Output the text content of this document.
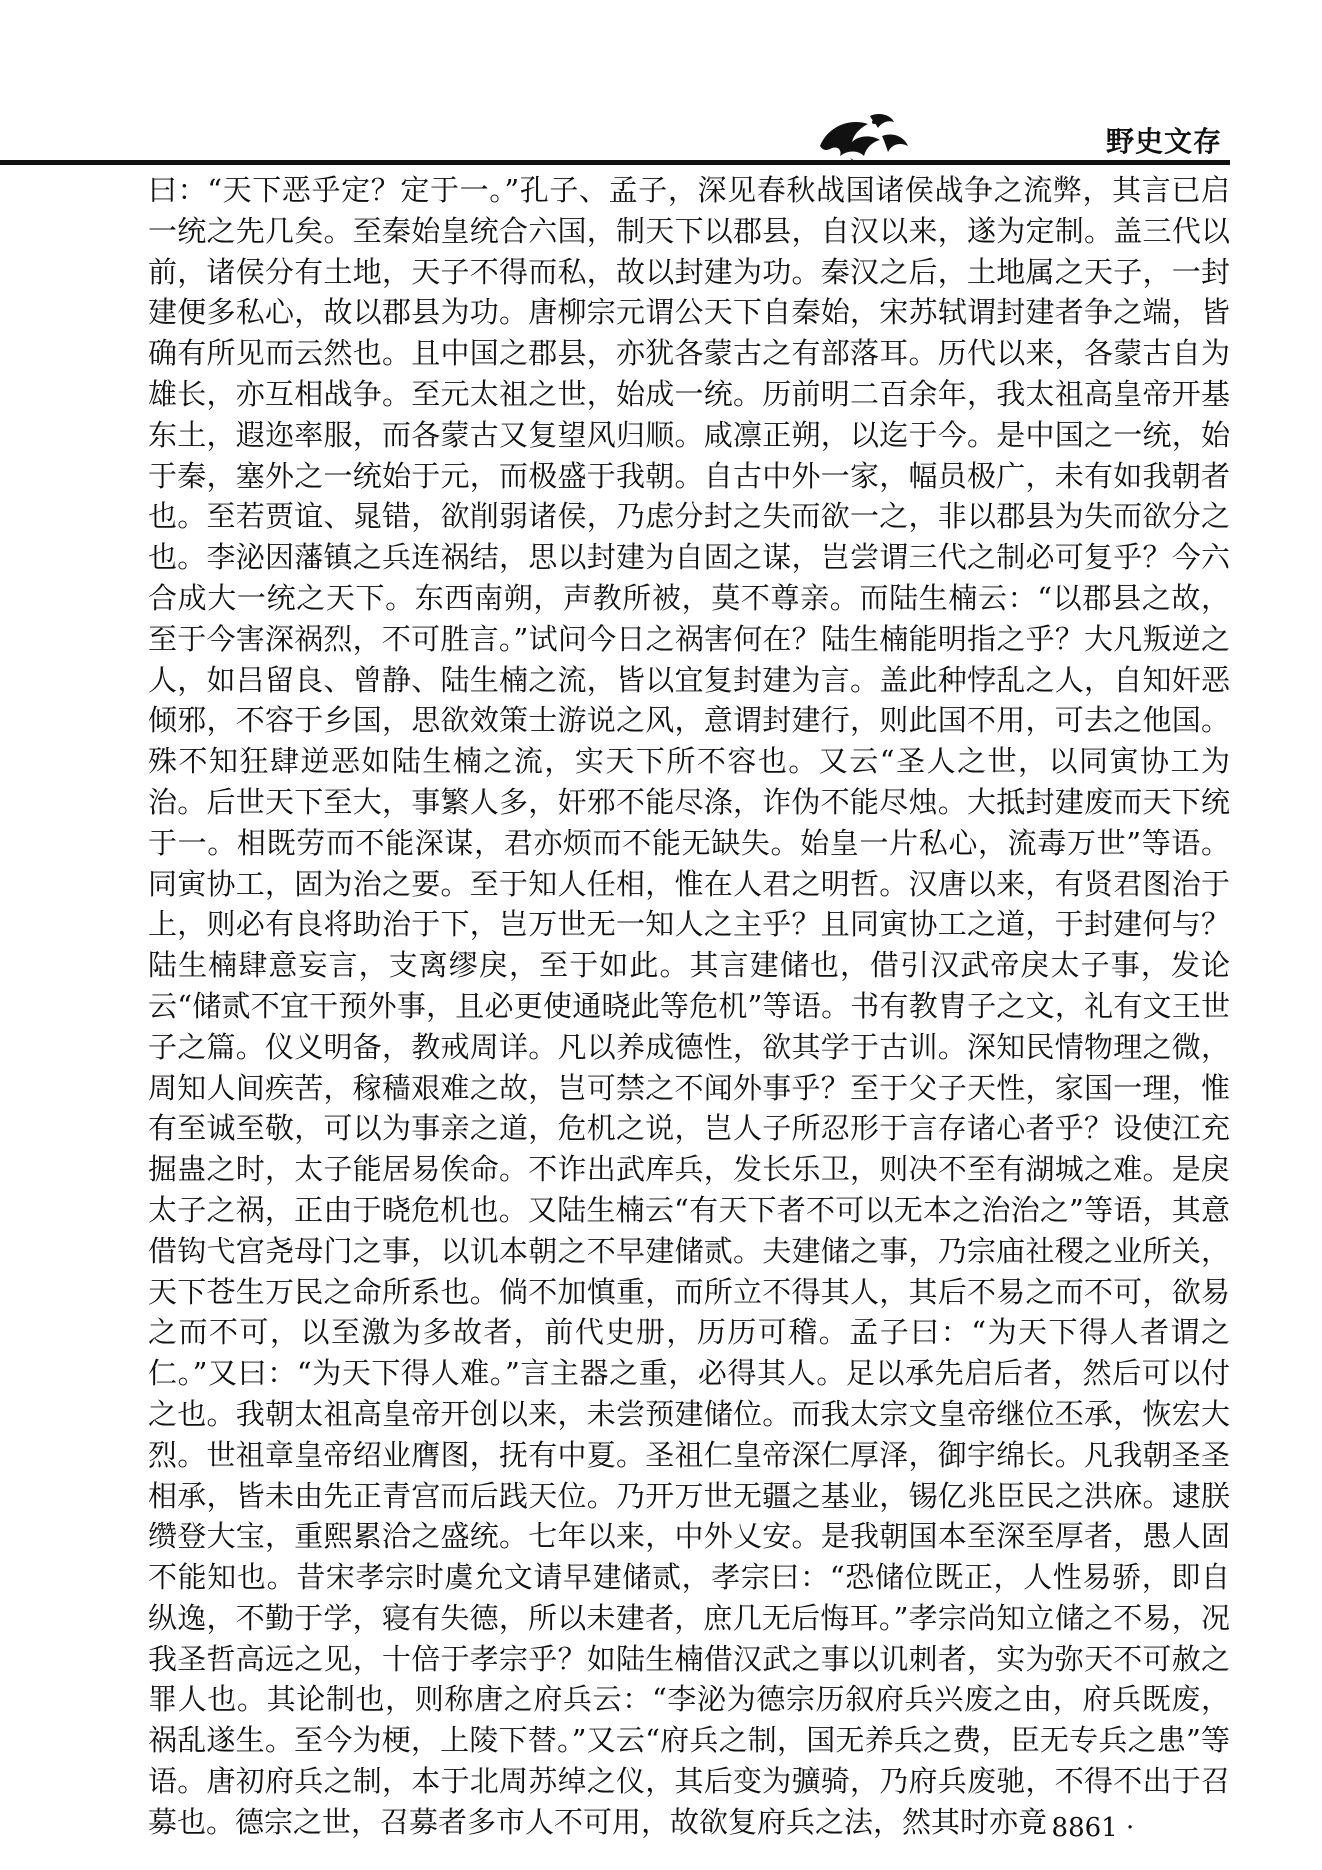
野史文存

曰：“天下恶乎定？定于一。”孔子、孟子，深见春秋战国诸侯战争之流弊，其言已启一统之先几矣。至秦始皇统合六国，制天下以郡县，自汉以来，遂为定制。盖三代以前，诸侯分有土地，天子不得而私，故以封建为功。秦汉之后，土地属之天子，一封建便多私心，故以郡县为功。唐柳宗元谓公天下自秦始，宋苏轼谓封建者争之端，皆确有所见而云然也。且中国之郡县，亦犹各蒙古之有部落耳。历代以来，各蒙古自为雄长，亦互相战争。至元太祖之世，始成一统。历前明二百余年，我太祖高皇帝开基东土，遐迩率服，而各蒙古又复望风归顺。咸凛正朔，以迄于今。是中国之一统，始于秦，塞外之一统始于元，而极盛于我朝。自古中外一家，幅员极广，未有如我朝者也。至若贾谊、晁错，欲削弱诸侯，乃虑分封之失而欲一之，非以郡县为失而欲分之也。李泌因藩镇之兵连祸结，思以封建为自固之谋，岂尝谓三代之制必可复乎？今六合成大一统之天下。东西南朔，声教所被，莫不尊亲。而陆生楠云：“以郡县之故，至于今害深祸烈，不可胜言。”试问今日之祸害何在？陆生楠能明指之乎？大凡叛逆之人，如吕留良、曾静、陆生楠之流，皆以宜复封建为言。盖此种悖乱之人，自知奸恶倾邪，不容于乡国，思欲效策士游说之风，意谓封建行，则此国不用，可去之他国。殊不知狂肆逆恶如陆生楠之流，实天下所不容也。又云“圣人之世，以同寅协工为治。后世天下至大，事繁人多，奸邪不能尽涤，诈伪不能尽烛。大抵封建废而天下统于一。相既劳而不能深谋，君亦烦而不能无缺失。始皇一片私心，流毒万世”等语。同寅协工，固为治之要。至于知人任相，惟在人君之明哲。汉唐以来，有贤君图治于上，则必有良将助治于下，岂万世无一知人之主乎？且同寅协工之道，于封建何与？陆生楠肆意妄言，支离缪戾，至于如此。其言建储也，借引汉武帝戾太子事，发论云“储贰不宜干预外事，且必更使通晓此等危机”等语。书有教胄子之文，礼有文王世子之篇。仪义明备，教戒周详。凡以养成德性，欲其学于古训。深知民情物理之微，周知人间疾苦，稼穑艰难之故，岂可禁之不闻外事乎？至于父子天性，家国一理，惟有至诚至敬，可以为事亲之道，危机之说，岂人子所忍形于言存诸心者乎？设使江充掘蛊之时，太子能居易俟命。不诈出武库兵，发长乐卫，则决不至有湖城之难。是戾太子之祸，正由于晓危机也。又陆生楠云“有天下者不可以无本之治治之”等语，其意借钩弋宫尧母门之事，以讥本朝之不早建储贰。夫建储之事，乃宗庙社稷之业所关，天下苍生万民之命所系也。倘不加慎重，而所立不得其人，其后不易之而不可，欲易之而不可，以至激为多故者，前代史册，历历可稽。孟子曰：“为天下得人者谓之仁。”又曰：“为天下得人难。”言主器之重，必得其人。足以承先启后者，然后可以付之也。我朝太祖高皇帝开创以来，未尝预建储位。而我太宗文皇帝继位丕承，恢宏大烈。世祖章皇帝绍业膺图，抚有中夏。圣祖仁皇帝深仁厚泽，御宇绵长。凡我朝圣圣相承，皆未由先正青宫而后践天位。乃开万世无疆之基业，锡亿兆臣民之洪庥。逮朕缵登大宝，重熙累洽之盛统。七年以来，中外乂安。是我朝国本至深至厚者，愚人固不能知也。昔宋孝宗时虞允文请早建储贰，孝宗曰：“恐储位既正，人性易骄，即自纵逸，不勤于学，寝有失德，所以未建者，庶几无后悔耳。”孝宗尚知立储之不易，况我圣哲高远之见，十倍于孝宗乎？如陆生楠借汉武之事以讥刺者，实为弥天不可赦之罪人也。其论制也，则称唐之府兵云：“李泌为德宗历叙府兵兴废之由，府兵既废，祸乱遂生。至今为梗，上陵下替。”又云“府兵之制，国无养兵之费，臣无专兵之患”等语。唐初府兵之制，本于北周苏绰之仪，其后变为彍骑，乃府兵废驰，不得不出于召募也。德宗之世，召募者多市人不可用，故欲复府兵之法，然其时亦竟

· 8861 ·
